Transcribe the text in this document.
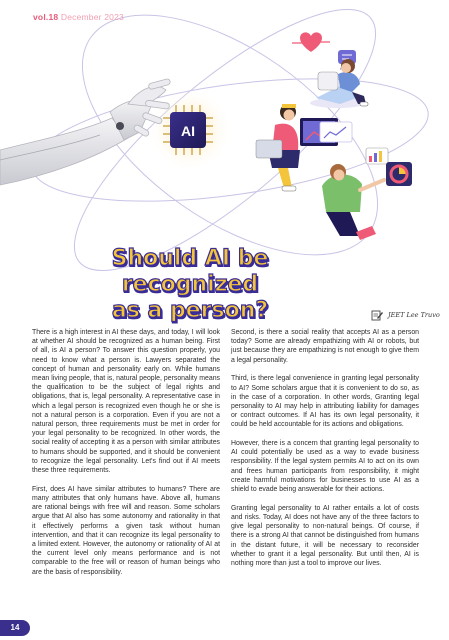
AI
vol.18 December 2023
Should AI be recognized
as a person?	JEET Lee Truvo

There is a high interest in AI these days, and today, I will look at whether AI should be recognized as a human being. First of all, is AI a person? To answer this question properly, you need to know what a person is. Lawyers separated the concept of human and personality early on. While humans mean living people, that is, natural people, personality means the qualification to be the subject of legal rights and obligations, that is, legal personality. A representative case in which a legal person is recognized even though he or she is not a natural person is a corporation. Even if you are not a natural person, three requirements must be met in order for your legal personality to be recognized. In other words, the social reality of accepting it as a person with similar attributes to humans should be supported, and it should be convenient to recognize the legal personality. Let's find out if AI meets these three requirements.

First, does AI have similar attributes to humans? There are many attributes that only humans have. Above all, humans are rational beings with free will and reason. Some scholars argue that AI also has some autonomy and rationality in that it effectively performs a given task without human intervention, and that it can recognize its legal personality to a limited extent. However, the autonomy or rationality of AI at the current level only means performance and is not comparable to the free will or reason of human beings who are the basis of responsibility.

Second, is there a social reality that accepts AI as a person today? Some are already empathizing with AI or robots, but just because they are empathizing is not enough to give them a legal personality.

Third, is there legal convenience in granting legal personality to AI? Some scholars argue that it is convenient to do so, as in the case of a corporation. In other words, Granting legal personality to AI may help in attributing liability for damages or contract outcomes. If AI has its own legal personality, it could be held accountable for its actions and obligations.

However, there is a concern that granting legal personality to AI could potentially be used as a way to evade business responsibility. If the legal system permits AI to act on its own and frees human participants from responsibility, it might create harmful motivations for businesses to use AI as a shield to evade being answerable for their actions.

Granting legal personality to AI rather entails a lot of costs and risks. Today, AI does not have any of the three factors to give legal personality to non-natural beings. Of course, if there is a strong AI that cannot be distinguished from humans in the distant future, it will be necessary to reconsider whether to grant it a legal personality. But until then, AI is nothing more than just a tool to improve our lives.

14
